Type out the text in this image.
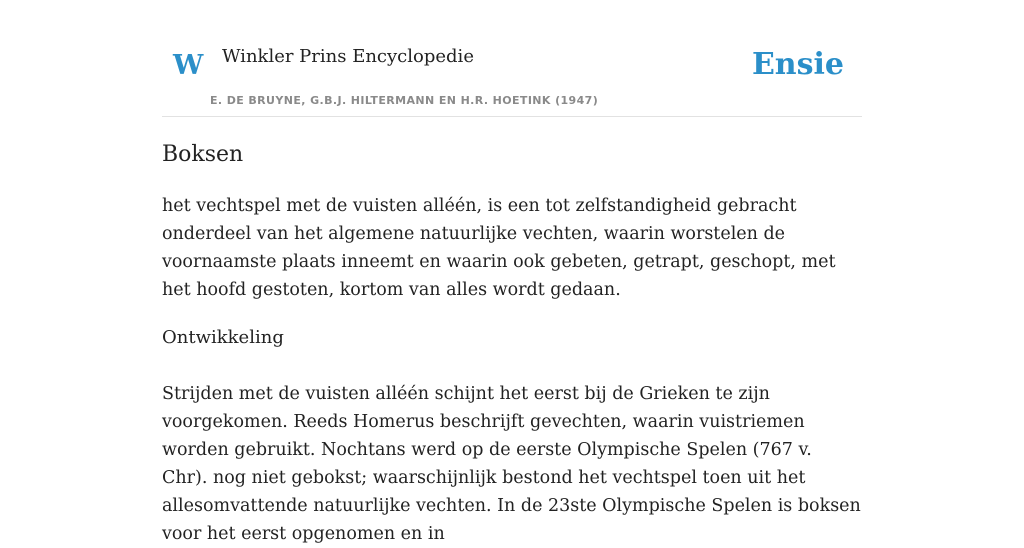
W Winkler Prins Encyclopedie
E. DE BRUYNE, G.B.J. HILTERMANN EN H.R. HOETINK (1947)
Ensie
Boksen

het vechtspel met de vuisten alléén, is een tot zelfstandigheid gebracht onderdeel van het algemene natuurlijke vechten, waarin worstelen de voornaamste plaats inneemt en waarin ook gebeten, getrapt, geschopt, met het hoofd gestoten, kortom van alles wordt gedaan.

Ontwikkeling

Strijden met de vuisten alléén schijnt het eerst bij de Grieken te zijn voorgekomen. Reeds Homerus beschrijft gevechten, waarin vuistriemen worden gebruikt. Nochtans werd op de eerste Olympische Spelen (767 v. Chr). nog niet gebokst; waarschijnlijk bestond het vechtspel toen uit het allesomvattende natuurlijke vechten. In de 23ste Olympische Spelen is boksen voor het eerst opgenomen en in
